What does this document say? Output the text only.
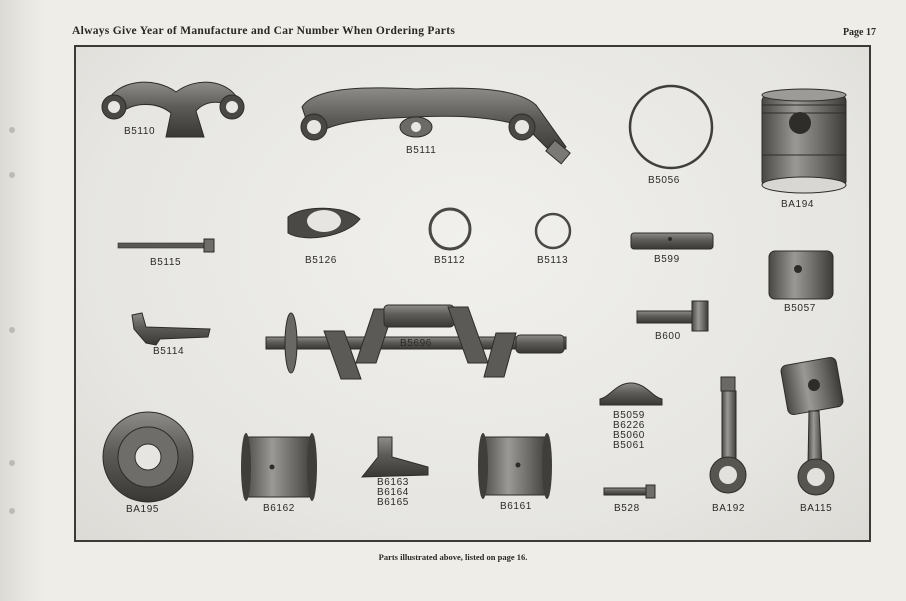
Always Give Year of Manufacture and Car Number When Ordering Parts	Page 17
B5110
B5111
B5056
BA194
B5115	B5126	B5112	B5113	B599
B5057
B5114
B5696
B600
B5059
B6226
B5060
B5061
BA195	B6162
B6163
B6164
B6165	B6161	B528	BA192	BA115
Parts illustrated above, listed on page 16.
